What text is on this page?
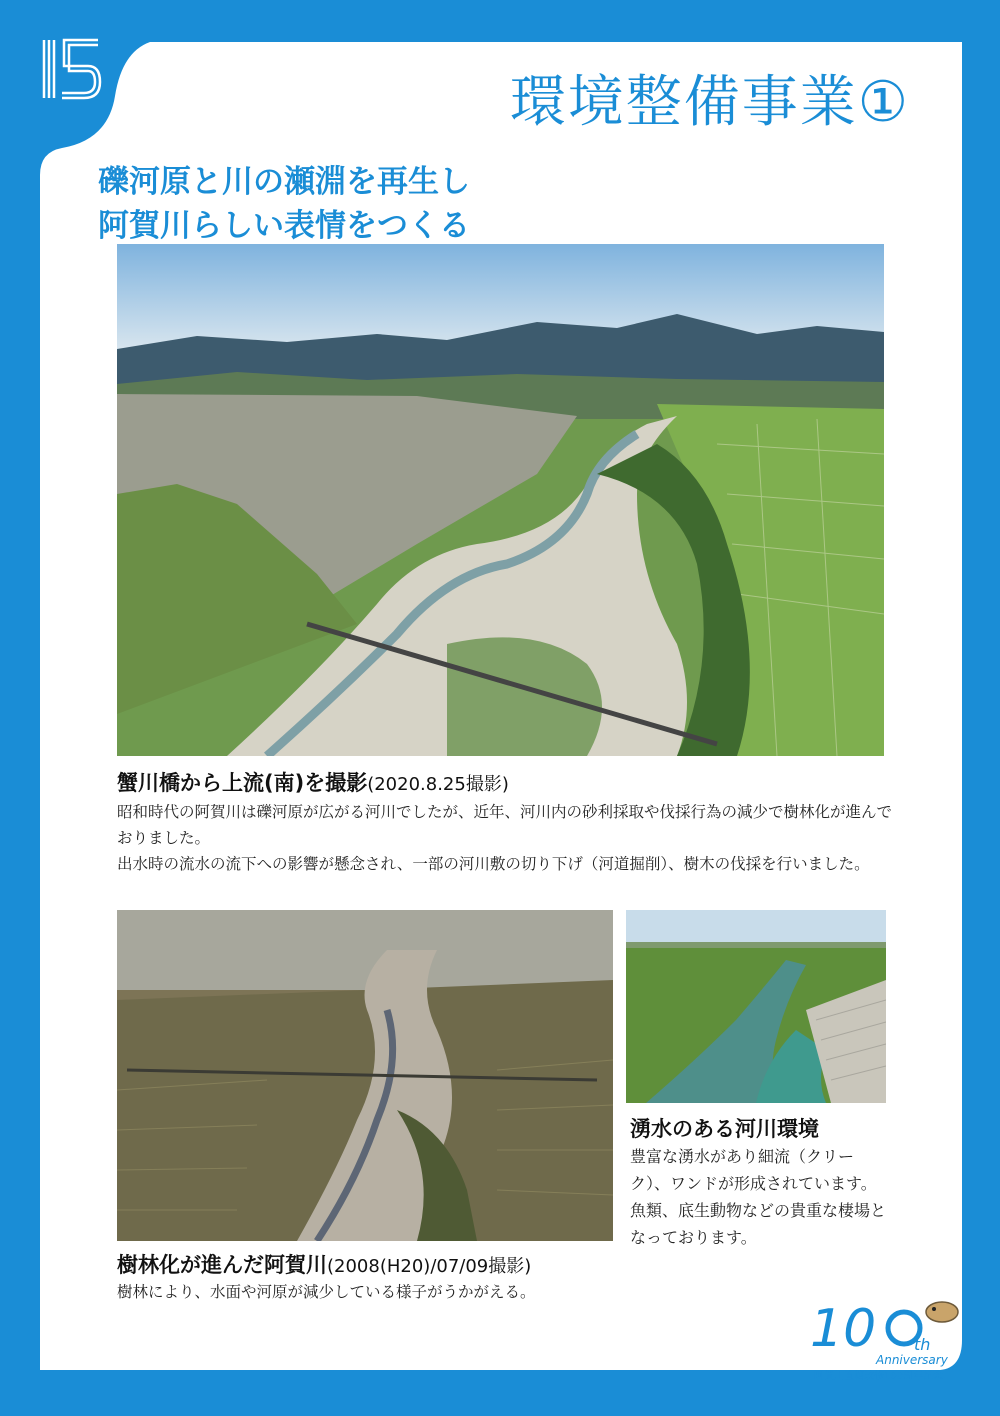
環境整備事業①
礫河原と川の瀬淵を再生し
阿賀川らしい表情をつくる
蟹川橋から上流(南)を撮影(2020.8.25撮影)
昭和時代の阿賀川は礫河原が広がる河川でしたが、近年、河川内の砂利採取や伐採行為の減少で樹林化が進んでおりました。
出水時の流水の流下への影響が懸念され、一部の河川敷の切り下げ（河道掘削）、樹木の伐採を行いました。
樹林化が進んだ阿賀川(2008(H20)/07/09撮影)
樹林により、水面や河原が減少している様子がうかがえる。
湧水のある河川環境
豊富な湧水があり細流（クリーク）、ワンドが形成されています。魚類、底生動物などの貴重な棲場となっております。
10 th
Anniversary
阿賀川直轄改修100周年記念
